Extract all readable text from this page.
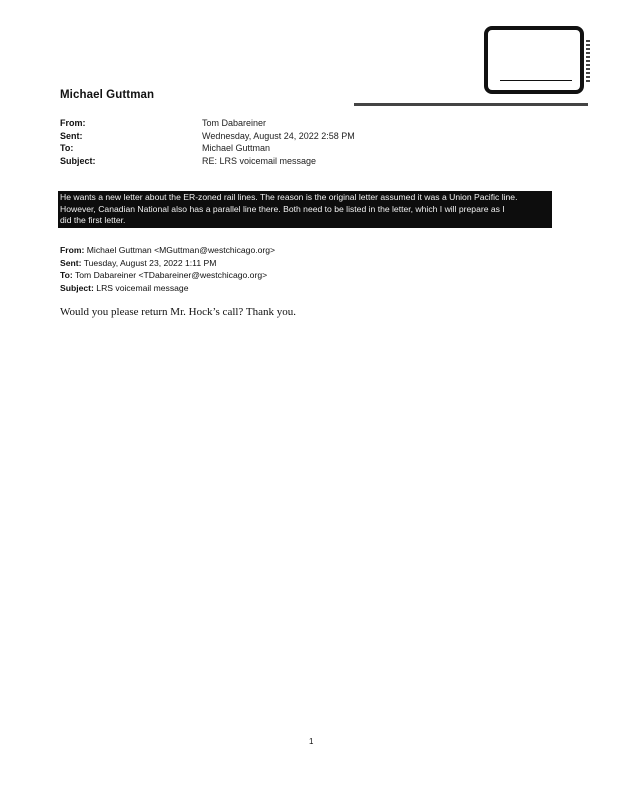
Michael Guttman
From:	Tom Dabareiner
Sent:	Wednesday, August 24, 2022 2:58 PM
To:	Michael Guttman
Subject:	RE: LRS voicemail message
He wants a new letter about the ER-zoned rail lines. The reason is the original letter assumed it was a Union Pacific line.
However, Canadian National also has a parallel line there. Both need to be listed in the letter, which I will prepare as I
did the first letter.
From: Michael Guttman <MGuttman@westchicago.org>
Sent: Tuesday, August 23, 2022 1:11 PM
To: Tom Dabareiner <TDabareiner@westchicago.org>
Subject: LRS voicemail message
Would you please return Mr. Hock’s call? Thank you.
1
